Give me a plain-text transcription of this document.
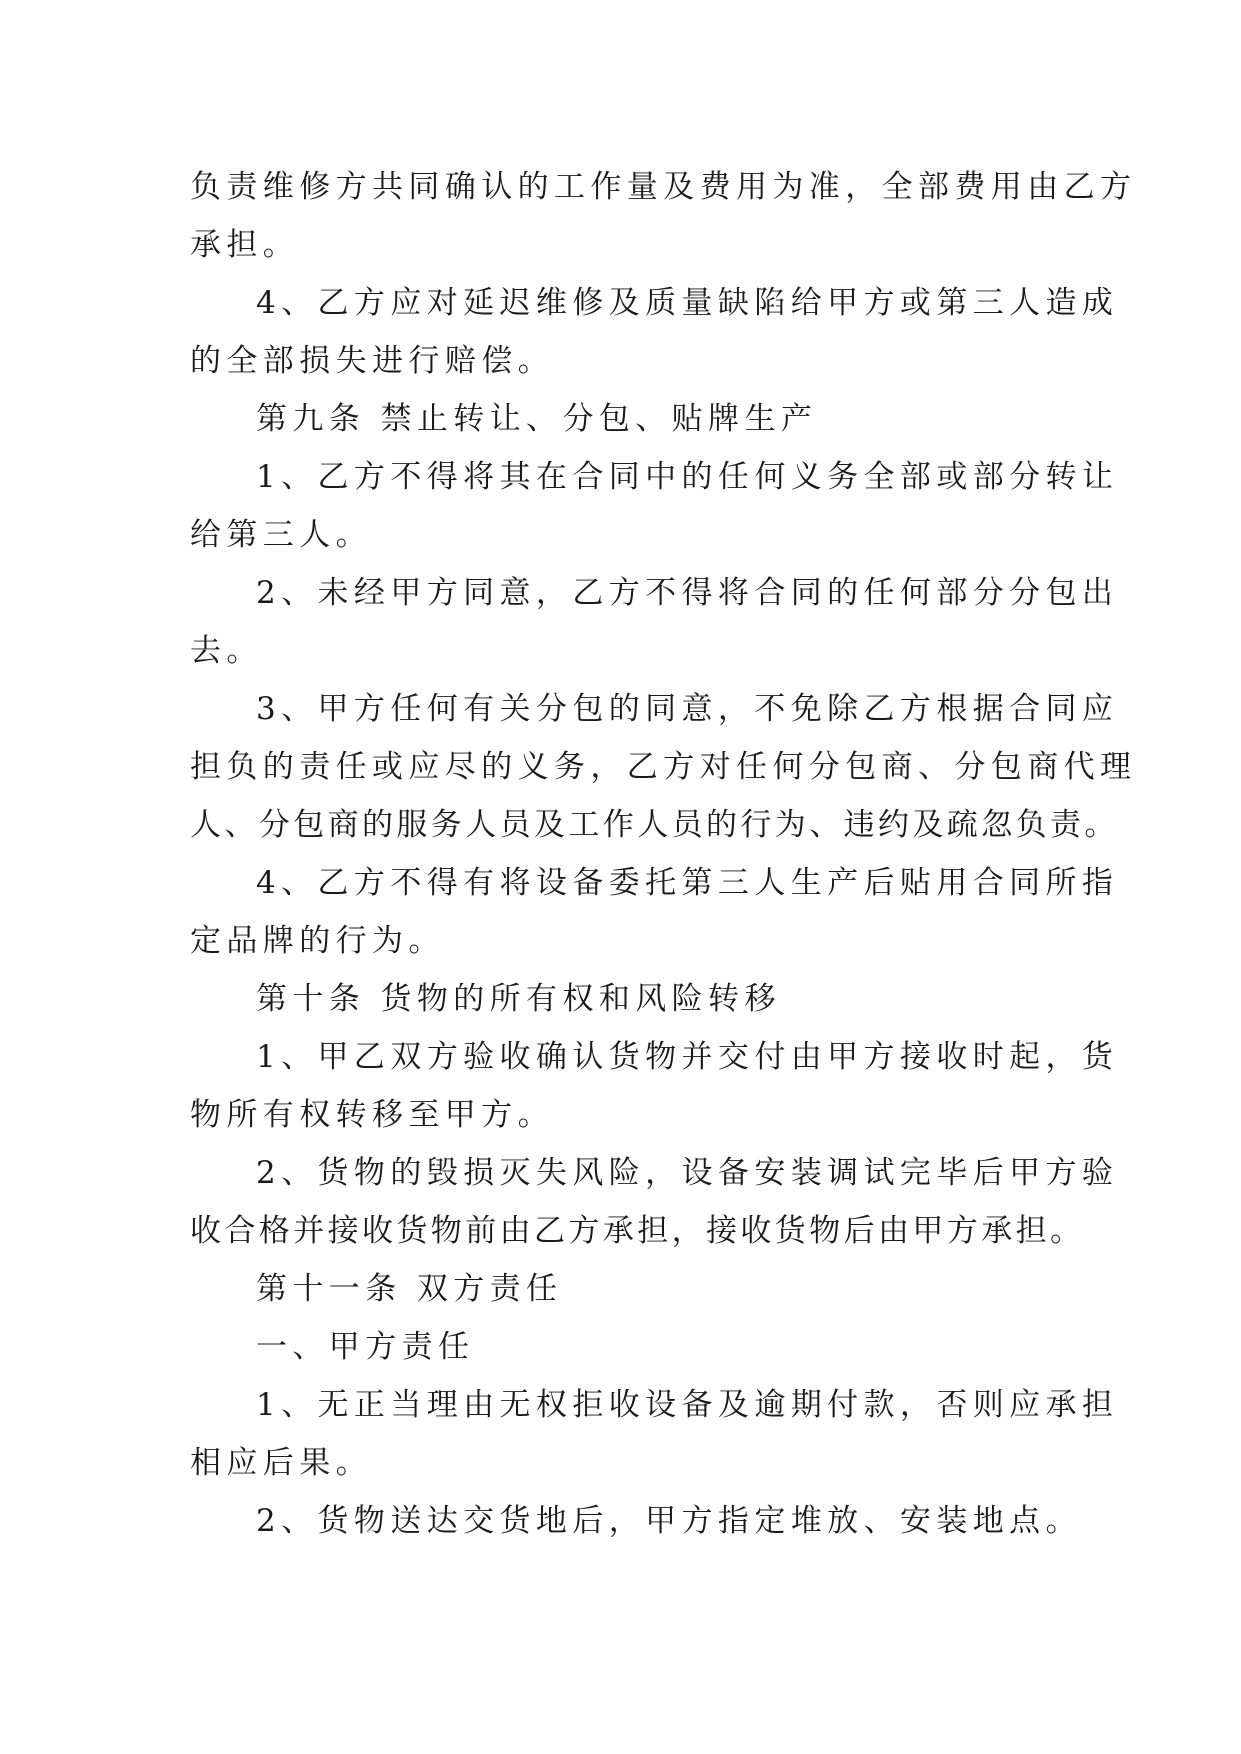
负责维修方共同确认的工作量及费用为准，全部费用由乙方
承担。
4、乙方应对延迟维修及质量缺陷给甲方或第三人造成
的全部损失进行赔偿。
第九条 禁止转让、分包、贴牌生产
1、乙方不得将其在合同中的任何义务全部或部分转让
给第三人。
2、未经甲方同意，乙方不得将合同的任何部分分包出
去。
3、甲方任何有关分包的同意，不免除乙方根据合同应
担负的责任或应尽的义务，乙方对任何分包商、分包商代理
人、分包商的服务人员及工作人员的行为、违约及疏忽负责。
4、乙方不得有将设备委托第三人生产后贴用合同所指
定品牌的行为。
第十条 货物的所有权和风险转移
1、甲乙双方验收确认货物并交付由甲方接收时起，货
物所有权转移至甲方。
2、货物的毁损灭失风险，设备安装调试完毕后甲方验
收合格并接收货物前由乙方承担，接收货物后由甲方承担。
第十一条 双方责任
一、甲方责任
1、无正当理由无权拒收设备及逾期付款，否则应承担
相应后果。
2、货物送达交货地后，甲方指定堆放、安装地点。
